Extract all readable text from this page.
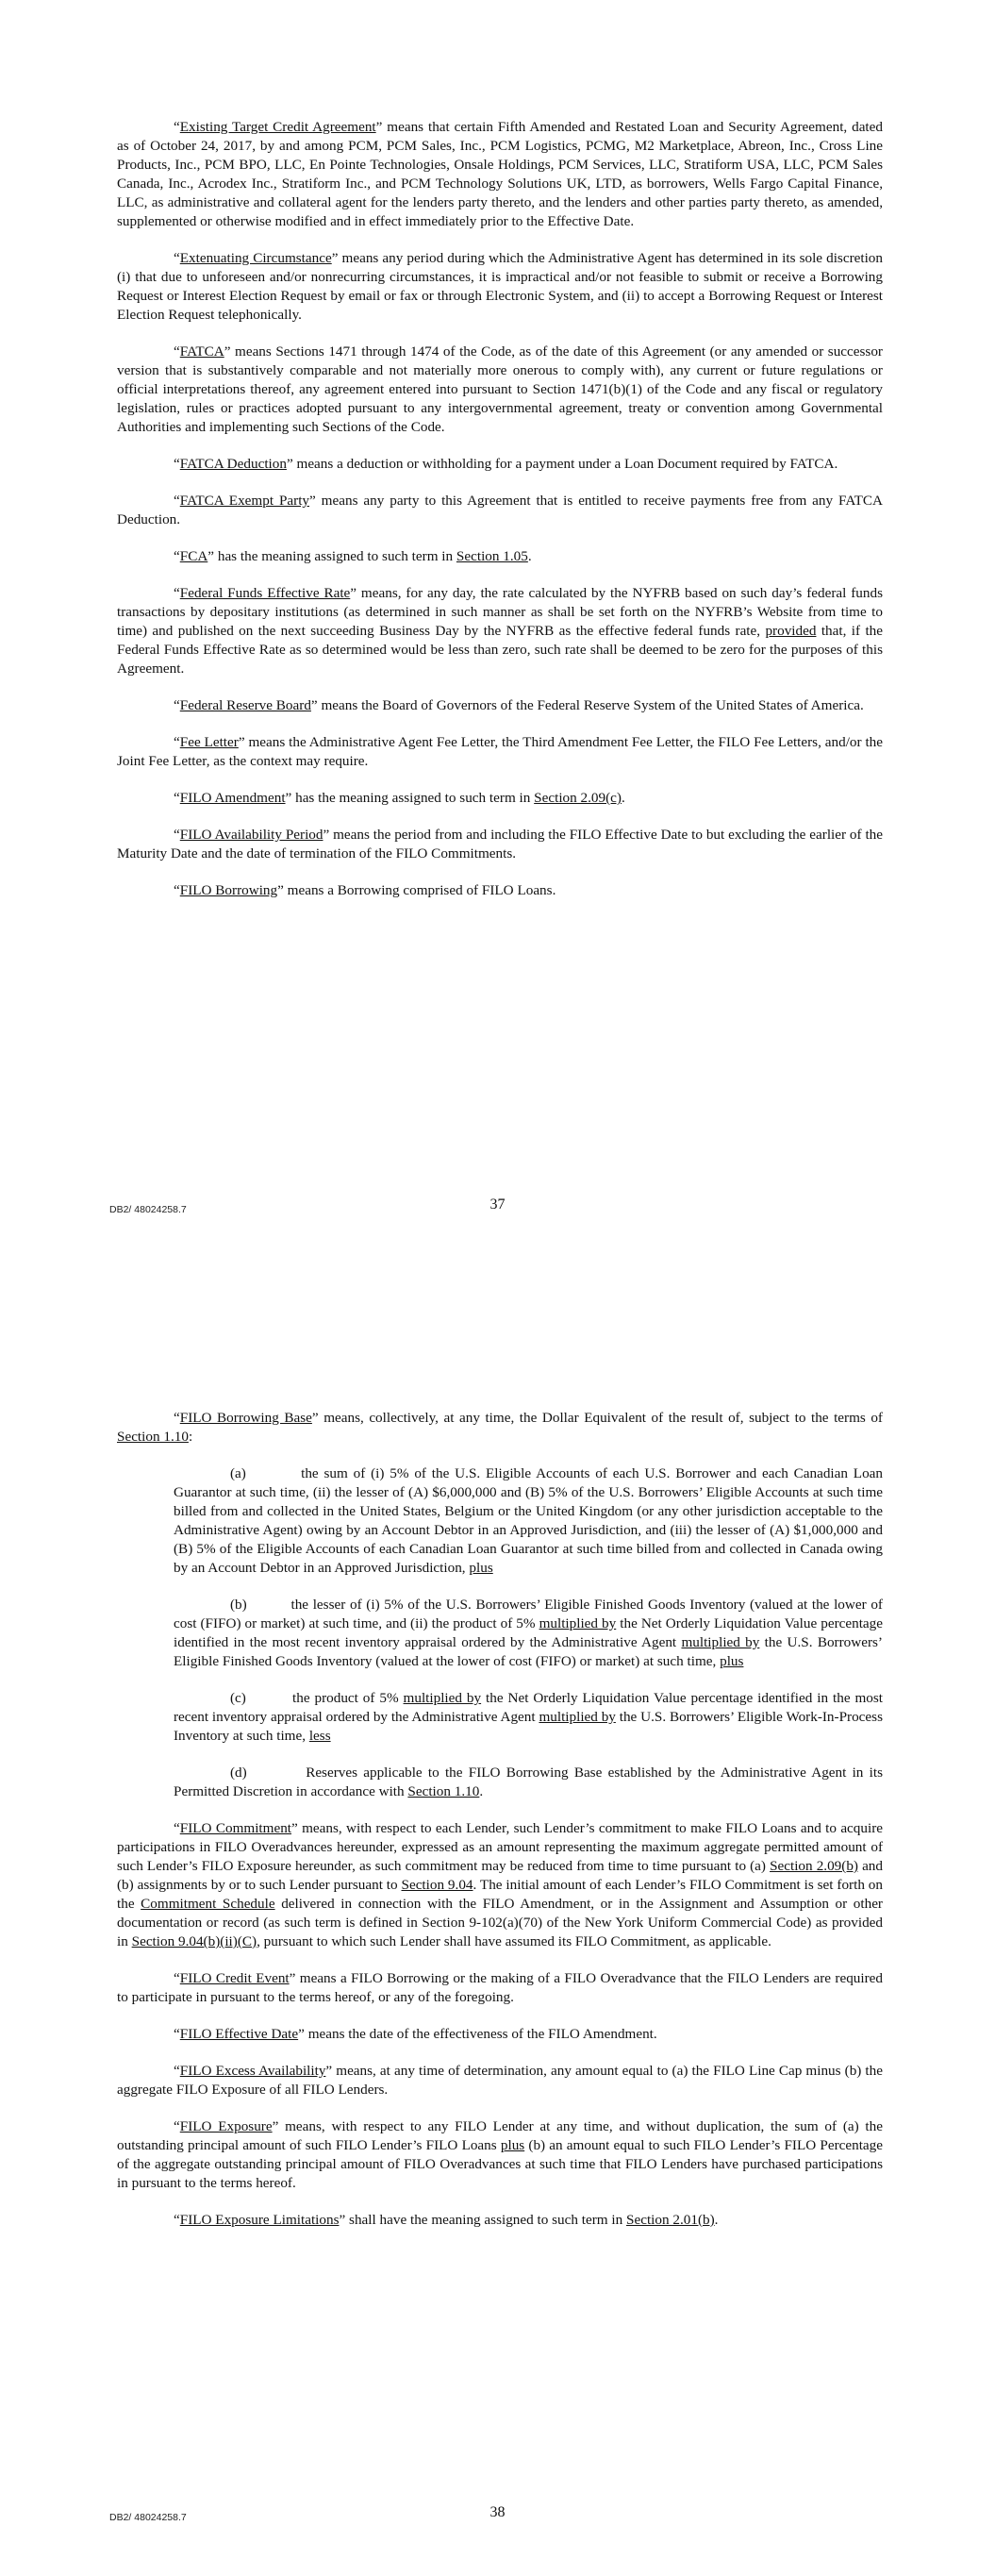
“Existing Target Credit Agreement” means that certain Fifth Amended and Restated Loan and Security Agreement, dated as of October 24, 2017, by and among PCM, PCM Sales, Inc., PCM Logistics, PCMG, M2 Marketplace, Abreon, Inc., Cross Line Products, Inc., PCM BPO, LLC, En Pointe Technologies, Onsale Holdings, PCM Services, LLC, Stratiform USA, LLC, PCM Sales Canada, Inc., Acrodex Inc., Stratiform Inc., and PCM Technology Solutions UK, LTD, as borrowers, Wells Fargo Capital Finance, LLC, as administrative and collateral agent for the lenders party thereto, and the lenders and other parties party thereto, as amended, supplemented or otherwise modified and in effect immediately prior to the Effective Date.

“Extenuating Circumstance” means any period during which the Administrative Agent has determined in its sole discretion (i) that due to unforeseen and/or nonrecurring circumstances, it is impractical and/or not feasible to submit or receive a Borrowing Request or Interest Election Request by email or fax or through Electronic System, and (ii) to accept a Borrowing Request or Interest Election Request telephonically.

“FATCA” means Sections 1471 through 1474 of the Code, as of the date of this Agreement (or any amended or successor version that is substantively comparable and not materially more onerous to comply with), any current or future regulations or official interpretations thereof, any agreement entered into pursuant to Section 1471(b)(1) of the Code and any fiscal or regulatory legislation, rules or practices adopted pursuant to any intergovernmental agreement, treaty or convention among Governmental Authorities and implementing such Sections of the Code.

“FATCA Deduction” means a deduction or withholding for a payment under a Loan Document required by FATCA.

“FATCA Exempt Party” means any party to this Agreement that is entitled to receive payments free from any FATCA Deduction.

“FCA” has the meaning assigned to such term in Section 1.05.

“Federal Funds Effective Rate” means, for any day, the rate calculated by the NYFRB based on such day’s federal funds transactions by depositary institutions (as determined in such manner as shall be set forth on the NYFRB’s Website from time to time) and published on the next succeeding Business Day by the NYFRB as the effective federal funds rate, provided that, if the Federal Funds Effective Rate as so determined would be less than zero, such rate shall be deemed to be zero for the purposes of this Agreement.

“Federal Reserve Board” means the Board of Governors of the Federal Reserve System of the United States of America.

“Fee Letter” means the Administrative Agent Fee Letter, the Third Amendment Fee Letter, the FILO Fee Letters, and/or the Joint Fee Letter, as the context may require.

“FILO Amendment” has the meaning assigned to such term in Section 2.09(c).

“FILO Availability Period” means the period from and including the FILO Effective Date to but excluding the earlier of the Maturity Date and the date of termination of the FILO Commitments.

“FILO Borrowing” means a Borrowing comprised of FILO Loans.

DB2/ 48024258.7	37

“FILO Borrowing Base” means, collectively, at any time, the Dollar Equivalent of the result of, subject to the terms of Section 1.10:

(a)	the sum of (i) 5% of the U.S. Eligible Accounts of each U.S. Borrower and each Canadian Loan Guarantor at such time, (ii) the lesser of (A) $6,000,000 and (B) 5% of the U.S. Borrowers’ Eligible Accounts at such time billed from and collected in the United States, Belgium or the United Kingdom (or any other jurisdiction acceptable to the Administrative Agent) owing by an Account Debtor in an Approved Jurisdiction, and (iii) the lesser of (A) $1,000,000 and (B) 5% of the Eligible Accounts of each Canadian Loan Guarantor at such time billed from and collected in Canada owing by an Account Debtor in an Approved Jurisdiction, plus

(b)	the lesser of (i) 5% of the U.S. Borrowers’ Eligible Finished Goods Inventory (valued at the lower of cost (FIFO) or market) at such time, and (ii) the product of 5% multiplied by the Net Orderly Liquidation Value percentage identified in the most recent inventory appraisal ordered by the Administrative Agent multiplied by the U.S. Borrowers’ Eligible Finished Goods Inventory (valued at the lower of cost (FIFO) or market) at such time, plus

(c)	the product of 5% multiplied by the Net Orderly Liquidation Value percentage identified in the most recent inventory appraisal ordered by the Administrative Agent multiplied by the U.S. Borrowers’ Eligible Work-In-Process Inventory at such time, less

(d)	Reserves applicable to the FILO Borrowing Base established by the Administrative Agent in its Permitted Discretion in accordance with Section 1.10.

“FILO Commitment” means, with respect to each Lender, such Lender’s commitment to make FILO Loans and to acquire participations in FILO Overadvances hereunder, expressed as an amount representing the maximum aggregate permitted amount of such Lender’s FILO Exposure hereunder, as such commitment may be reduced from time to time pursuant to (a) Section 2.09(b) and (b) assignments by or to such Lender pursuant to Section 9.04. The initial amount of each Lender’s FILO Commitment is set forth on the Commitment Schedule delivered in connection with the FILO Amendment, or in the Assignment and Assumption or other documentation or record (as such term is defined in Section 9-102(a)(70) of the New York Uniform Commercial Code) as provided in Section 9.04(b)(ii)(C), pursuant to which such Lender shall have assumed its FILO Commitment, as applicable.

“FILO Credit Event” means a FILO Borrowing or the making of a FILO Overadvance that the FILO Lenders are required to participate in pursuant to the terms hereof, or any of the foregoing.

“FILO Effective Date” means the date of the effectiveness of the FILO Amendment.

“FILO Excess Availability” means, at any time of determination, any amount equal to (a) the FILO Line Cap minus (b) the aggregate FILO Exposure of all FILO Lenders.

“FILO Exposure” means, with respect to any FILO Lender at any time, and without duplication, the sum of (a) the outstanding principal amount of such FILO Lender’s FILO Loans plus (b) an amount equal to such FILO Lender’s FILO Percentage of the aggregate outstanding principal amount of FILO Overadvances at such time that FILO Lenders have purchased participations in pursuant to the terms hereof.

“FILO Exposure Limitations” shall have the meaning assigned to such term in Section 2.01(b).

DB2/ 48024258.7	38
